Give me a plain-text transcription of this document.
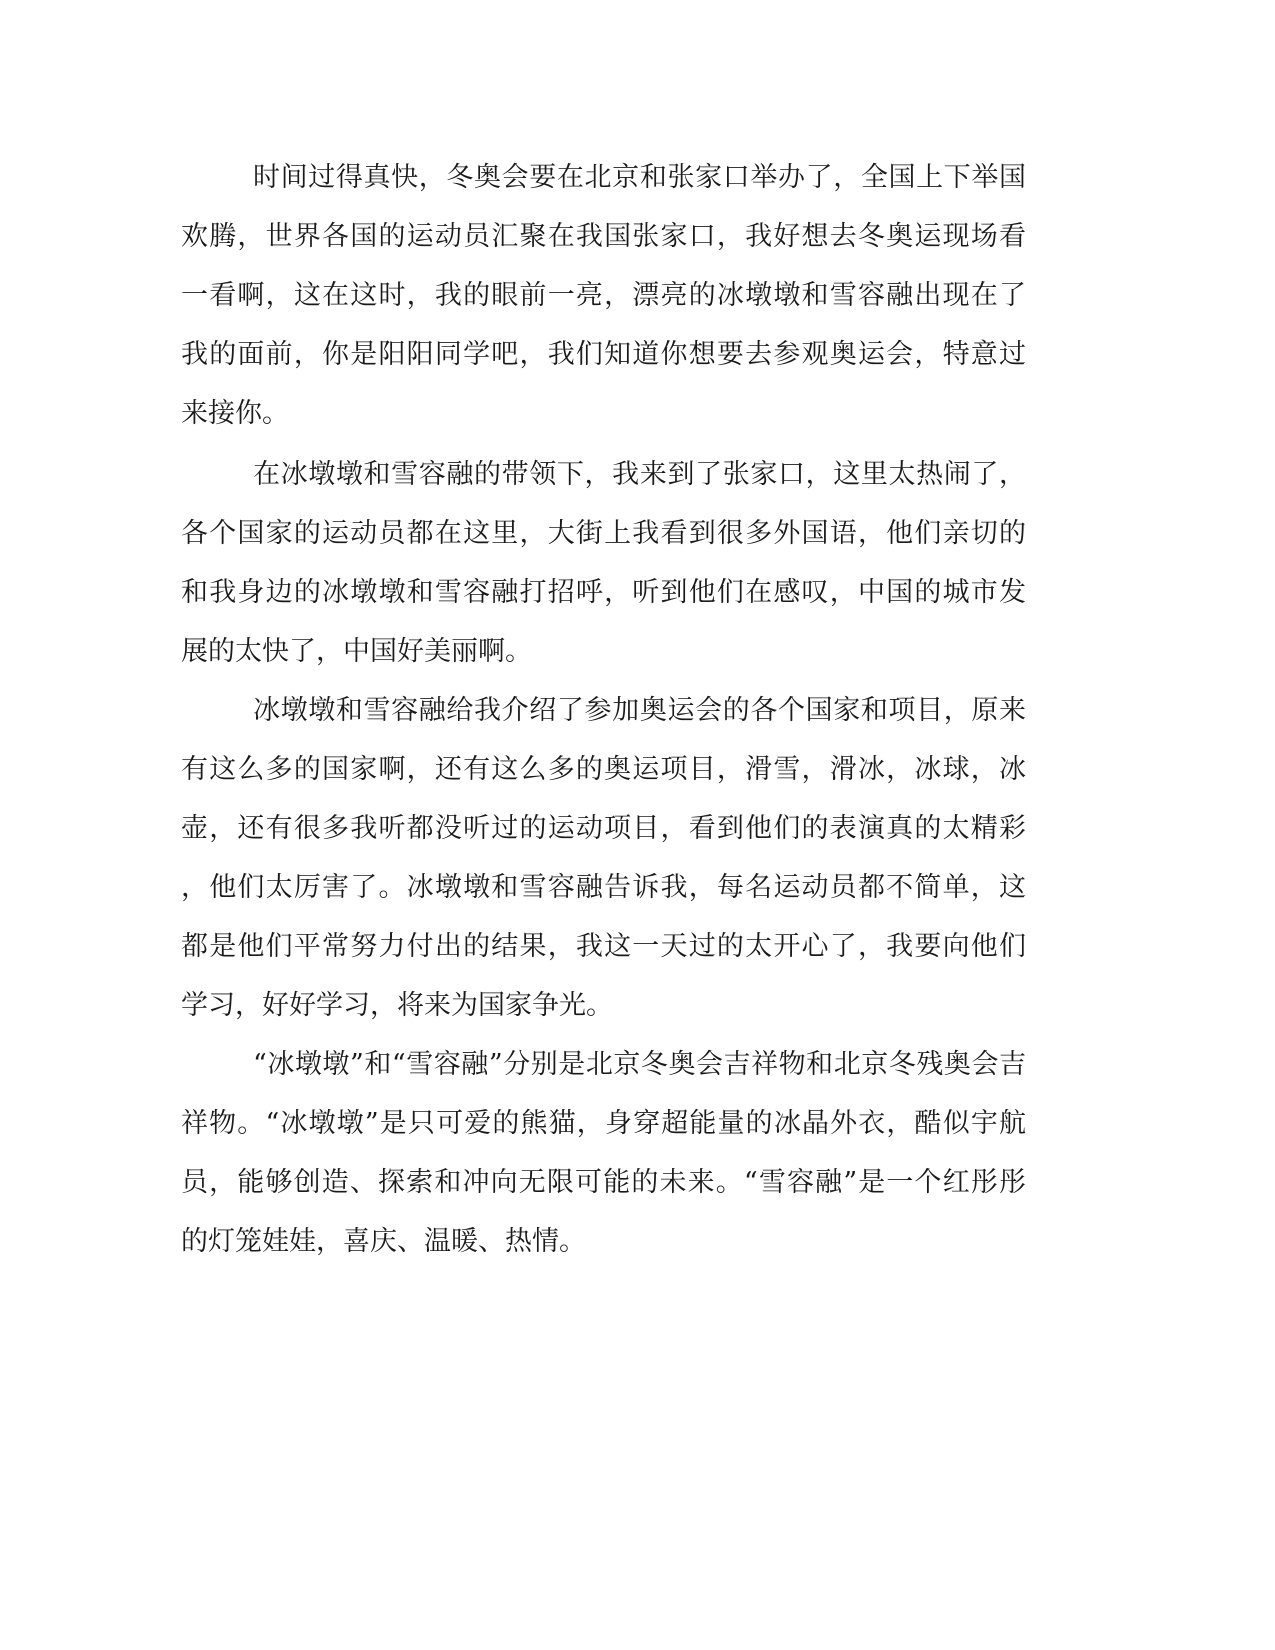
时间过得真快，冬奥会要在北京和张家口举办了，全国上下举国
欢腾，世界各国的运动员汇聚在我国张家口，我好想去冬奥运现场看
一看啊，这在这时，我的眼前一亮，漂亮的冰墩墩和雪容融出现在了
我的面前，你是阳阳同学吧，我们知道你想要去参观奥运会，特意过
来接你。
在冰墩墩和雪容融的带领下，我来到了张家口，这里太热闹了，
各个国家的运动员都在这里，大街上我看到很多外国语，他们亲切的
和我身边的冰墩墩和雪容融打招呼，听到他们在感叹，中国的城市发
展的太快了，中国好美丽啊。
冰墩墩和雪容融给我介绍了参加奥运会的各个国家和项目，原来
有这么多的国家啊，还有这么多的奥运项目，滑雪，滑冰，冰球，冰
壶，还有很多我听都没听过的运动项目，看到他们的表演真的太精彩
，他们太厉害了。冰墩墩和雪容融告诉我，每名运动员都不简单，这
都是他们平常努力付出的结果，我这一天过的太开心了，我要向他们
学习，好好学习，将来为国家争光。
“冰墩墩”和“雪容融”分别是北京冬奥会吉祥物和北京冬残奥会吉
祥物。“冰墩墩”是只可爱的熊猫，身穿超能量的冰晶外衣，酷似宇航
员，能够创造、探索和冲向无限可能的未来。“雪容融”是一个红彤彤
的灯笼娃娃，喜庆、温暖、热情。
